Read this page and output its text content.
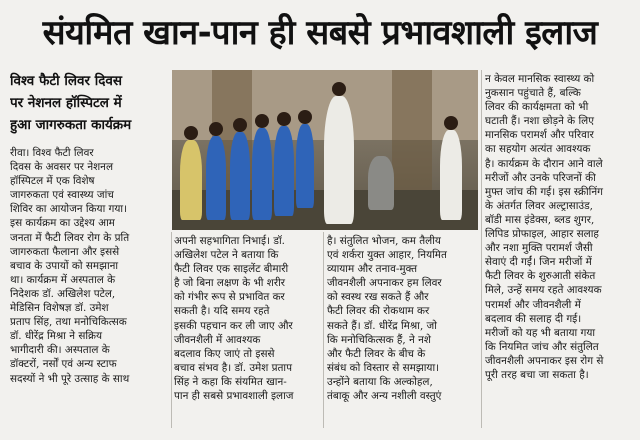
संयमित खान-पान ही सबसे प्रभावशाली इलाज
विश्व फैटी लिवर दिवस
पर नेशनल हॉस्पिटल में
हुआ जागरुकता कार्यक्रम
रीवा। विश्व फैटी लिवर
दिवस के अवसर पर नेशनल
हॉस्पिटल में एक विशेष
जागरुकता एवं स्वास्थ्य जांच
शिविर का आयोजन किया गया।
इस कार्यक्रम का उद्देश्य आम
जनता में फैटी लिवर रोग के प्रति
जागरुकता फैलाना और इससे
बचाव के उपायों को समझाना
था। कार्यक्रम में अस्पताल के
निदेशक डॉ. अखिलेश पटेल,
मेडिसिन विशेषज्ञ डॉ. उमेश
प्रताप सिंह, तथा मनोचिकित्सक
डॉ. धीरेंद्र मिश्रा ने सक्रिय
भागीदारी की। अस्पताल के
डॉक्टरों, नर्सों एवं अन्य स्टाफ
सदस्यों ने भी पूरे उत्साह के साथ
अपनी सहभागिता निभाई। डॉ.
अखिलेश पटेल ने बताया कि
फैटी लिवर एक साइलेंट बीमारी
है जो बिना लक्षण के भी शरीर
को गंभीर रूप से प्रभावित कर
सकती है। यदि समय रहते
इसकी पहचान कर ली जाए और
जीवनशैली में आवश्यक
बदलाव किए जाएं तो इससे
बचाव संभव है। डॉ. उमेश प्रताप
सिंह ने कहा कि संयमित खान-
पान ही सबसे प्रभावशाली इलाज
है। संतुलित भोजन, कम तैलीय
एवं शर्करा युक्त आहार, नियमित
व्यायाम और तनाव-मुक्त
जीवनशैली अपनाकर हम लिवर
को स्वस्थ रख सकते हैं और
फैटी लिवर की रोकथाम कर
सकते हैं। डॉ. धीरेंद्र मिश्रा, जो
कि मनोचिकित्सक हैं, ने नशे
और फैटी लिवर के बीच के
संबंध को विस्तार से समझाया।
उन्होंने बताया कि अल्कोहल,
तंबाकू और अन्य नशीली वस्तुएं
न केवल मानसिक स्वास्थ्य को
नुकसान पहुंचाते हैं, बल्कि
लिवर की कार्यक्षमता को भी
घटाती हैं। नशा छोड़ने के लिए
मानसिक परामर्श और परिवार
का सहयोग अत्यंत आवश्यक
है। कार्यक्रम के दौरान आने वाले
मरीजों और उनके परिजनों की
मुफ्त जांच की गई। इस स्क्रीनिंग
के अंतर्गत लिवर अल्ट्रासाउंड,
बॉडी मास इंडेक्स, ब्लड शुगर,
लिपिड प्रोफाइल, आहार सलाह
और नशा मुक्ति परामर्श जैसी
सेवाएं दी गईं। जिन मरीजों में
फैटी लिवर के शुरुआती संकेत
मिले, उन्हें समय रहते आवश्यक
परामर्श और जीवनशैली में
बदलाव की सलाह दी गई।
मरीजों को यह भी बताया गया
कि नियमित जांच और संतुलित
जीवनशैली अपनाकर इस रोग से
पूरी तरह बचा जा सकता है।
